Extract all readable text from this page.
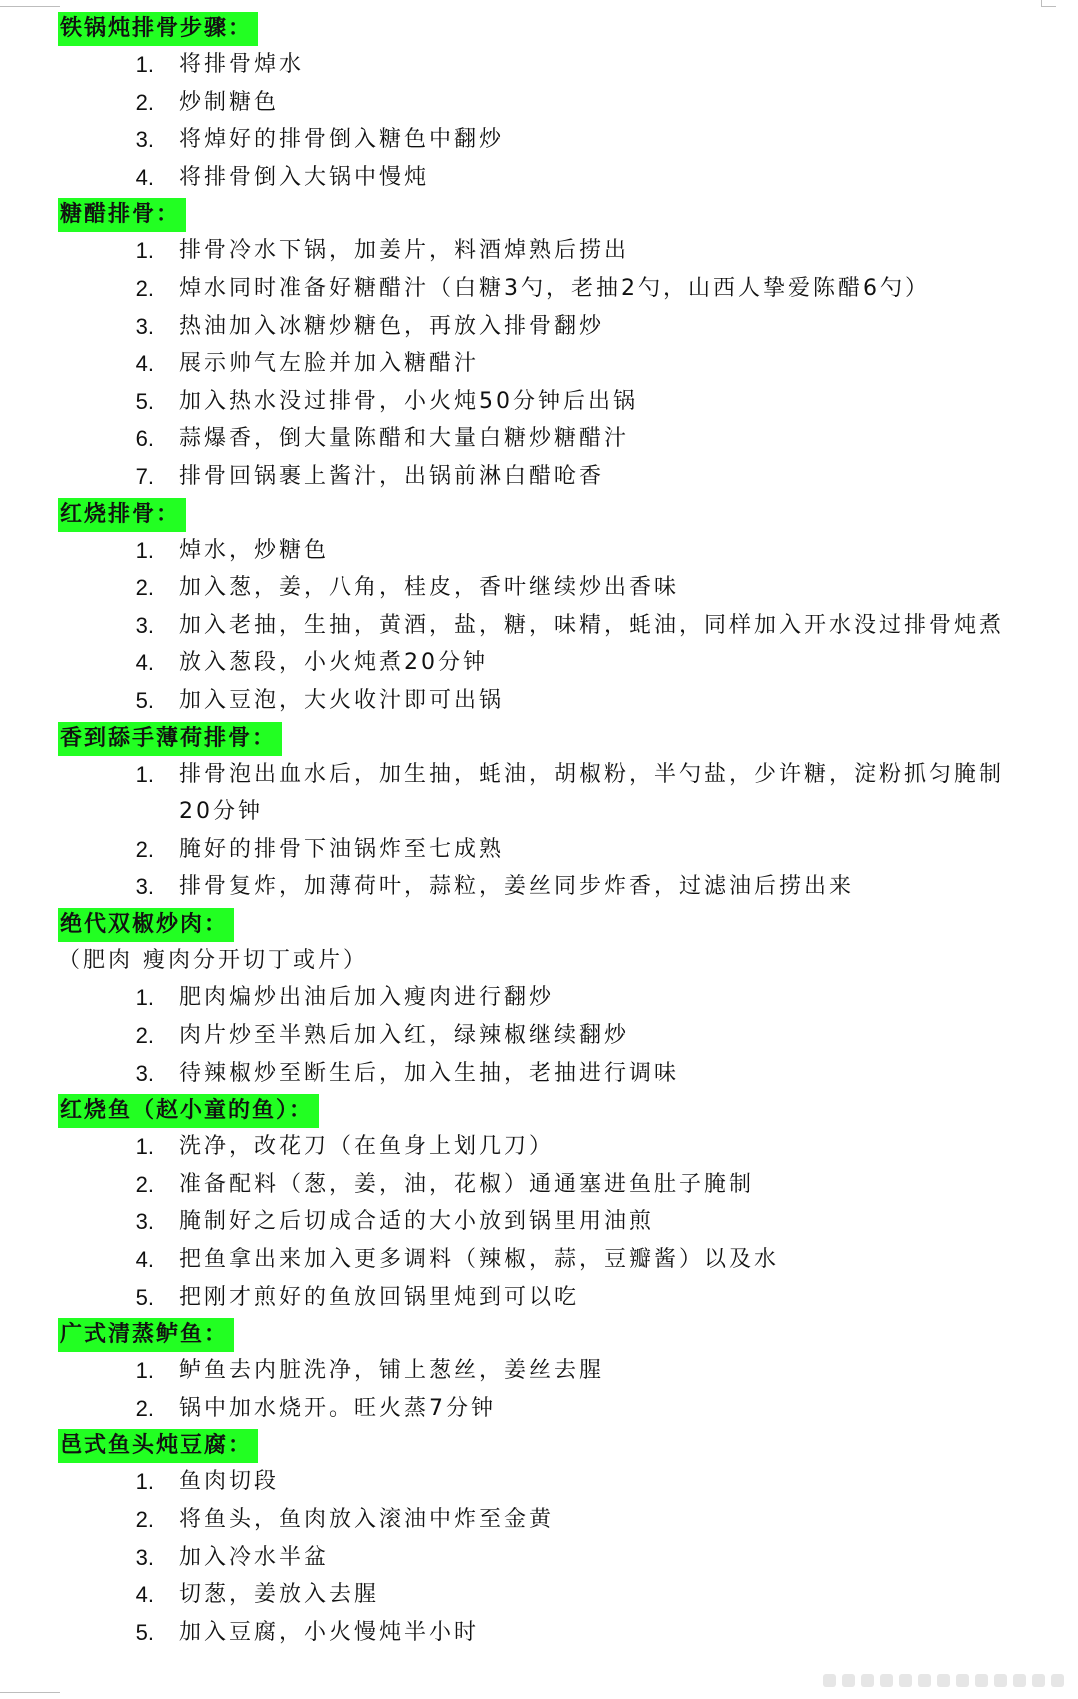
铁锅炖排骨步骤：
1.	将排骨焯水
2.	炒制糖色
3.	将焯好的排骨倒入糖色中翻炒
4.	将排骨倒入大锅中慢炖
糖醋排骨：
1.	排骨冷水下锅，加姜片，料酒焯熟后捞出
2.	焯水同时准备好糖醋汁（白糖3勺，老抽2勺，山西人挚爱陈醋6勺）
3.	热油加入冰糖炒糖色，再放入排骨翻炒
4.	展示帅气左脸并加入糖醋汁
5.	加入热水没过排骨，小火炖50分钟后出锅
6.	蒜爆香，倒大量陈醋和大量白糖炒糖醋汁
7.	排骨回锅裹上酱汁，出锅前淋白醋呛香
红烧排骨：
1.	焯水，炒糖色
2.	加入葱，姜，八角，桂皮，香叶继续炒出香味
3.	加入老抽，生抽，黄酒，盐，糖，味精，蚝油，同样加入开水没过排骨炖煮
4.	放入葱段，小火炖煮20分钟
5.	加入豆泡，大火收汁即可出锅
香到舔手薄荷排骨：
1.	排骨泡出血水后，加生抽，蚝油，胡椒粉，半勺盐，少许糖，淀粉抓匀腌制20分钟
2.	腌好的排骨下油锅炸至七成熟
3.	排骨复炸，加薄荷叶，蒜粒，姜丝同步炸香，过滤油后捞出来
绝代双椒炒肉：
（肥肉 瘦肉分开切丁或片）
1.	肥肉煸炒出油后加入瘦肉进行翻炒
2.	肉片炒至半熟后加入红，绿辣椒继续翻炒
3.	待辣椒炒至断生后，加入生抽，老抽进行调味
红烧鱼（赵小童的鱼）：
1.	洗净，改花刀（在鱼身上划几刀）
2.	准备配料（葱，姜，油，花椒）通通塞进鱼肚子腌制
3.	腌制好之后切成合适的大小放到锅里用油煎
4.	把鱼拿出来加入更多调料（辣椒，蒜，豆瓣酱）以及水
5.	把刚才煎好的鱼放回锅里炖到可以吃
广式清蒸鲈鱼：
1.	鲈鱼去内脏洗净，铺上葱丝，姜丝去腥
2.	锅中加水烧开。旺火蒸7分钟
邑式鱼头炖豆腐：
1.	鱼肉切段
2.	将鱼头，鱼肉放入滚油中炸至金黄
3.	加入冷水半盆
4.	切葱，姜放入去腥
5.	加入豆腐，小火慢炖半小时
